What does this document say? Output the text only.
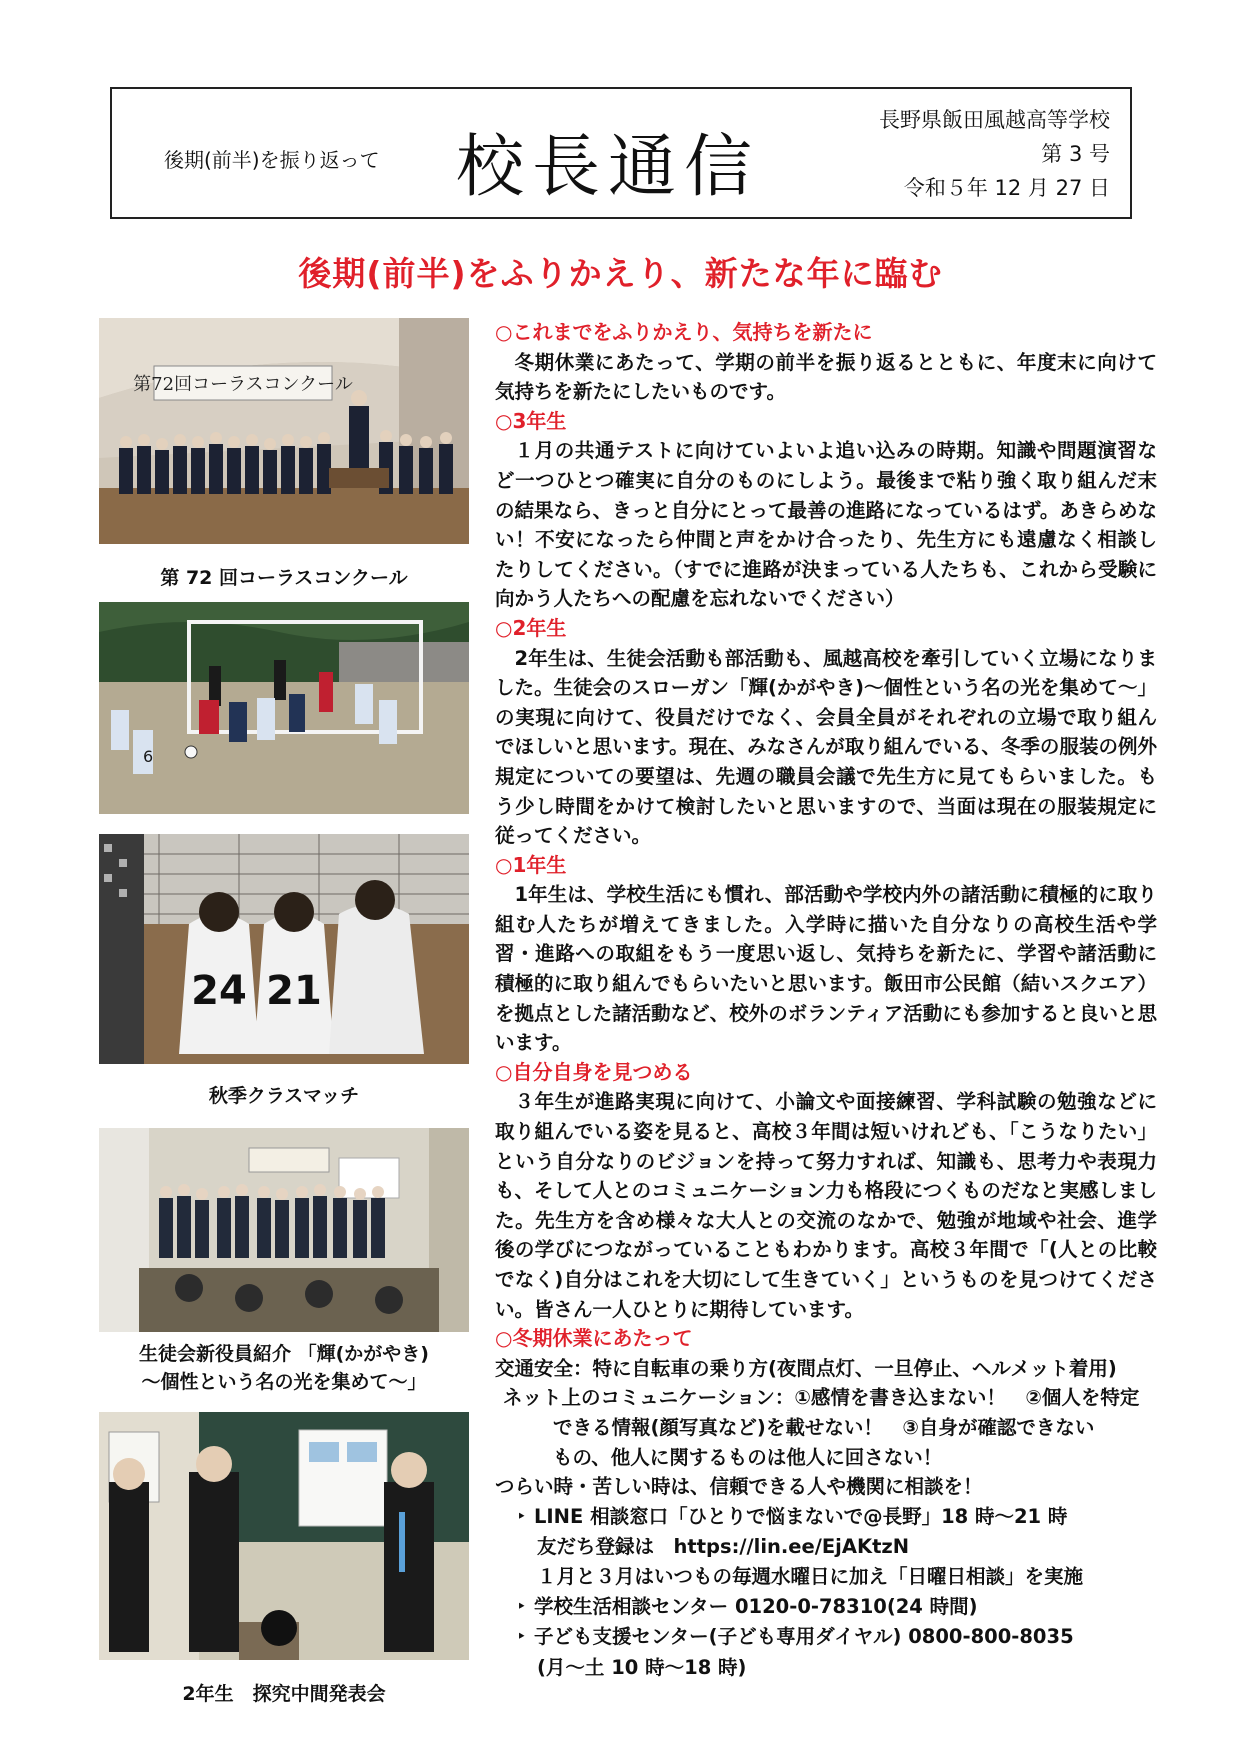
後期(前半)を振り返って 校長通信
長野県飯田風越高等学校
第 3 号
令和５年 12 月 27 日
後期(前半)をふりかえり、新たな年に臨む
第72回コーラスコンクール
第 72 回コーラスコンクール
6
24 21
秋季クラスマッチ
生徒会新役員紹介 「輝(かがやき)
～個性という名の光を集めて～」
2年生　探究中間発表会
○これまでをふりかえり、気持ちを新たに
冬期休業にあたって、学期の前半を振り返るとともに、年度末に向けて気持ちを新たにしたいものです。
○3年生
１月の共通テストに向けていよいよ追い込みの時期。知識や問題演習など一つひとつ確実に自分のものにしよう。最後まで粘り強く取り組んだ末の結果なら、きっと自分にとって最善の進路になっているはず。あきらめない！不安になったら仲間と声をかけ合ったり、先生方にも遠慮なく相談したりしてください。（すでに進路が決まっている人たちも、これから受験に向かう人たちへの配慮を忘れないでください）
○2年生
2年生は、生徒会活動も部活動も、風越高校を牽引していく立場になりました。生徒会のスローガン「輝(かがやき)～個性という名の光を集めて～」の実現に向けて、役員だけでなく、会員全員がそれぞれの立場で取り組んでほしいと思います。現在、みなさんが取り組んでいる、冬季の服装の例外規定についての要望は、先週の職員会議で先生方に見てもらいました。もう少し時間をかけて検討したいと思いますので、当面は現在の服装規定に従ってください。
○1年生
1年生は、学校生活にも慣れ、部活動や学校内外の諸活動に積極的に取り組む人たちが増えてきました。入学時に描いた自分なりの高校生活や学習・進路への取組をもう一度思い返し、気持ちを新たに、学習や諸活動に積極的に取り組んでもらいたいと思います。飯田市公民館（結いスクエア）を拠点とした諸活動など、校外のボランティア活動にも参加すると良いと思います。
○自分自身を見つめる
３年生が進路実現に向けて、小論文や面接練習、学科試験の勉強などに取り組んでいる姿を見ると、高校３年間は短いけれども、「こうなりたい」という自分なりのビジョンを持って努力すれば、知識も、思考力や表現力も、そして人とのコミュニケーション力も格段につくものだなと実感しました。先生方を含め様々な大人との交流のなかで、勉強が地域や社会、進学後の学びにつながっていることもわかります。高校３年間で「(人との比較でなく)自分はこれを大切にして生きていく」というものを見つけてください。皆さん一人ひとりに期待しています。
○冬期休業にあたって
交通安全：特に自転車の乗り方(夜間点灯、一旦停止、ヘルメット着用)
ネット上のコミュニケーション：①感情を書き込まない！　②個人を特定
できる情報(顔写真など)を載せない！　③自身が確認できない
もの、他人に関するものは他人に回さない！
つらい時・苦しい時は、信頼できる人や機関に相談を！
‣ LINE 相談窓口「ひとりで悩まないで@長野」18 時～21 時
友だち登録は　https://lin.ee/EjAKtzN
１月と３月はいつもの毎週水曜日に加え「日曜日相談」を実施
‣ 学校生活相談センター 0120-0-78310(24 時間)
‣ 子ども支援センター(子ども専用ダイヤル) 0800-800-8035
(月～土 10 時～18 時)
